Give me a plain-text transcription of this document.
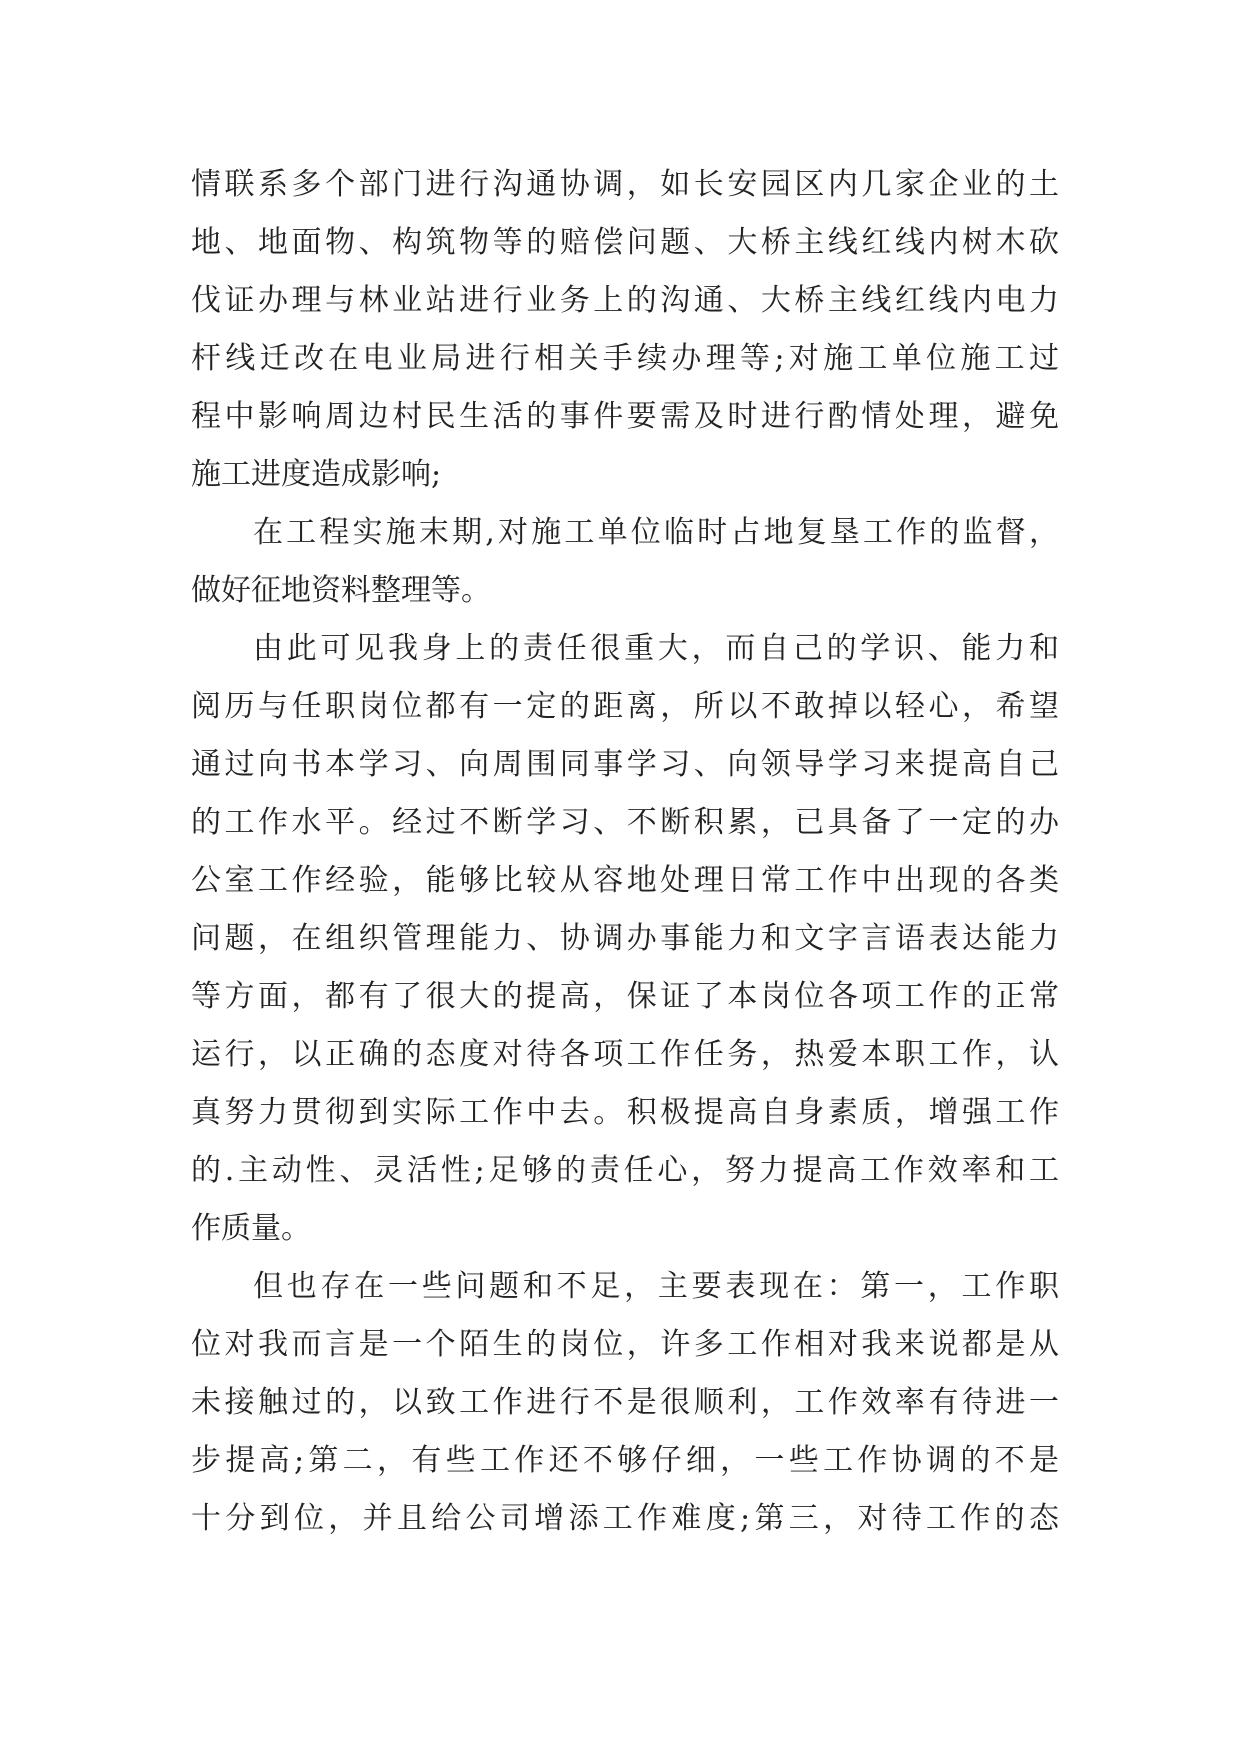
情联系多个部门进行沟通协调，如长安园区内几家企业的土
地、地面物、构筑物等的赔偿问题、大桥主线红线内树木砍
伐证办理与林业站进行业务上的沟通、大桥主线红线内电力
杆线迁改在电业局进行相关手续办理等;对施工单位施工过
程中影响周边村民生活的事件要需及时进行酌情处理，避免
施工进度造成影响;
在工程实施末期,对施工单位临时占地复垦工作的监督，
做好征地资料整理等。
由此可见我身上的责任很重大，而自己的学识、能力和
阅历与任职岗位都有一定的距离，所以不敢掉以轻心，希望
通过向书本学习、向周围同事学习、向领导学习来提高自己
的工作水平。经过不断学习、不断积累，已具备了一定的办
公室工作经验，能够比较从容地处理日常工作中出现的各类
问题，在组织管理能力、协调办事能力和文字言语表达能力
等方面，都有了很大的提高，保证了本岗位各项工作的正常
运行，以正确的态度对待各项工作任务，热爱本职工作，认
真努力贯彻到实际工作中去。积极提高自身素质，增强工作
的.主动性、灵活性;足够的责任心，努力提高工作效率和工
作质量。
但也存在一些问题和不足，主要表现在：第一，工作职
位对我而言是一个陌生的岗位，许多工作相对我来说都是从
未接触过的，以致工作进行不是很顺利，工作效率有待进一
步提高;第二，有些工作还不够仔细，一些工作协调的不是
十分到位，并且给公司增添工作难度;第三，对待工作的态
